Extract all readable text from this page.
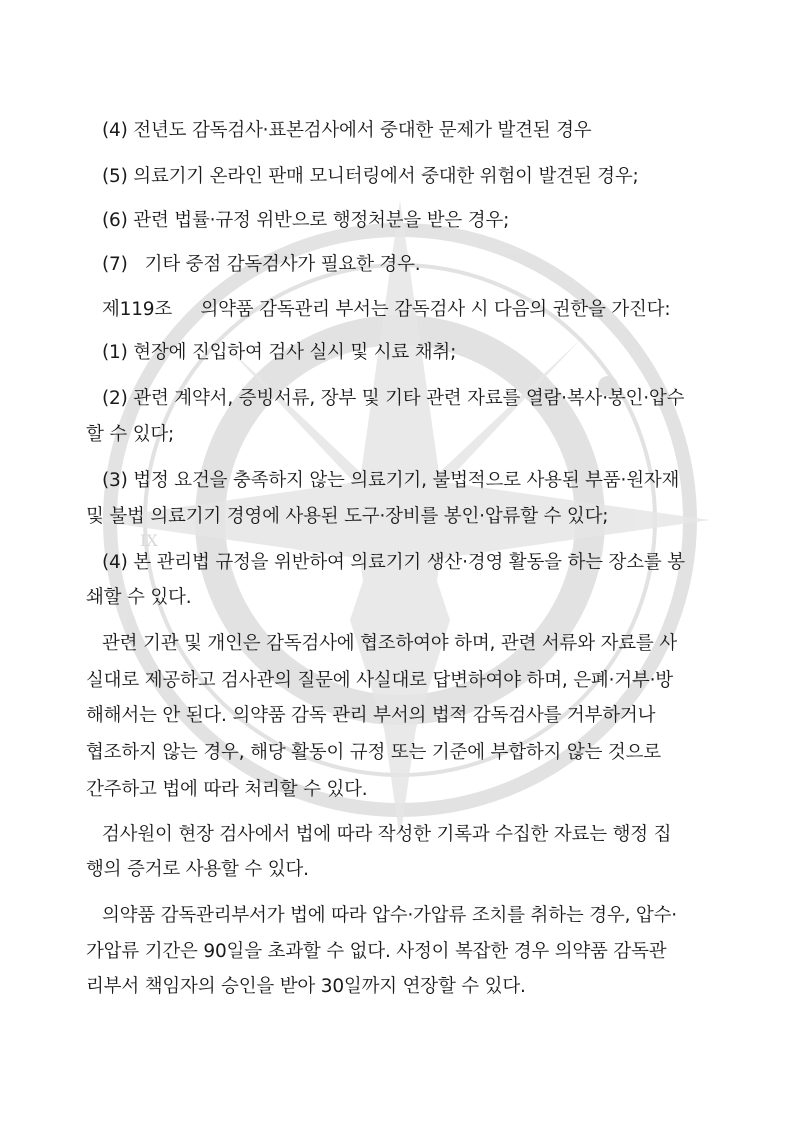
IX
(4) 전년도 감독검사·표본검사에서 중대한 문제가 발견된 경우
(5) 의료기기 온라인 판매 모니터링에서 중대한 위험이 발견된 경우;
(6) 관련 법률·규정 위반으로 행정처분을 받은 경우;
(7)   기타 중점 감독검사가 필요한 경우.
제119조     의약품 감독관리 부서는 감독검사 시 다음의 권한을 가진다:
(1) 현장에 진입하여 검사 실시 및 시료 채취;
(2) 관련 계약서, 증빙서류, 장부 및 기타 관련 자료를 열람·복사·봉인·압수
할 수 있다;
(3) 법정 요건을 충족하지 않는 의료기기, 불법적으로 사용된 부품·원자재
및 불법 의료기기 경영에 사용된 도구·장비를 봉인·압류할 수 있다;
(4) 본 관리법 규정을 위반하여 의료기기 생산·경영 활동을 하는 장소를 봉
쇄할 수 있다.
관련 기관 및 개인은 감독검사에 협조하여야 하며, 관련 서류와 자료를 사
실대로 제공하고 검사관의 질문에 사실대로 답변하여야 하며, 은폐·거부·방
해해서는 안 된다. 의약품 감독 관리 부서의 법적 감독검사를 거부하거나
협조하지 않는 경우, 해당 활동이 규정 또는 기준에 부합하지 않는 것으로
간주하고 법에 따라 처리할 수 있다.
검사원이 현장 검사에서 법에 따라 작성한 기록과 수집한 자료는 행정 집
행의 증거로 사용할 수 있다.
의약품 감독관리부서가 법에 따라 압수·가압류 조치를 취하는 경우, 압수·
가압류 기간은 90일을 초과할 수 없다. 사정이 복잡한 경우 의약품 감독관
리부서 책임자의 승인을 받아 30일까지 연장할 수 있다.
